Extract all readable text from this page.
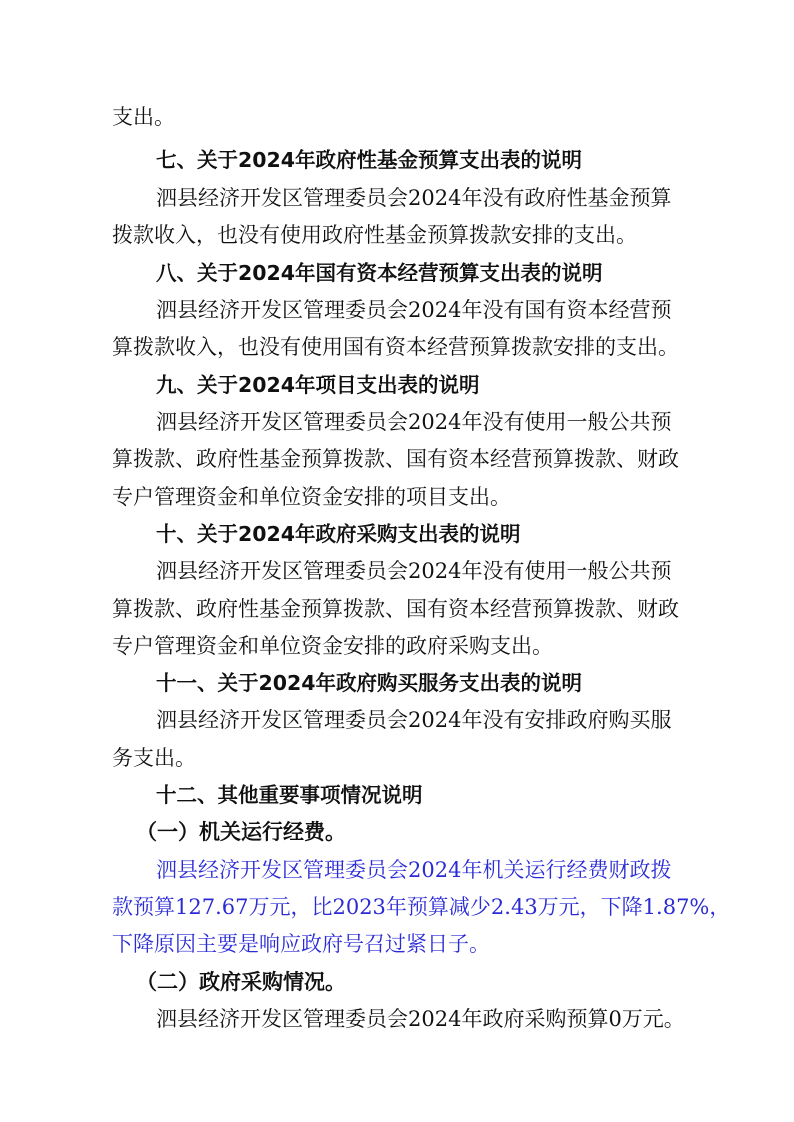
支出。
七、关于2024年政府性基金预算支出表的说明
泗县经济开发区管理委员会2024年没有政府性基金预算
拨款收入，也没有使用政府性基金预算拨款安排的支出。
八、关于2024年国有资本经营预算支出表的说明
泗县经济开发区管理委员会2024年没有国有资本经营预
算拨款收入，也没有使用国有资本经营预算拨款安排的支出。
九、关于2024年项目支出表的说明
泗县经济开发区管理委员会2024年没有使用一般公共预
算拨款、政府性基金预算拨款、国有资本经营预算拨款、财政
专户管理资金和单位资金安排的项目支出。
十、关于2024年政府采购支出表的说明
泗县经济开发区管理委员会2024年没有使用一般公共预
算拨款、政府性基金预算拨款、国有资本经营预算拨款、财政
专户管理资金和单位资金安排的政府采购支出。
十一、关于2024年政府购买服务支出表的说明
泗县经济开发区管理委员会2024年没有安排政府购买服
务支出。
十二、其他重要事项情况说明
（一）机关运行经费。
泗县经济开发区管理委员会2024年机关运行经费财政拨
款预算127.67万元，比2023年预算减少2.43万元，下降1.87%，
下降原因主要是响应政府号召过紧日子。
（二）政府采购情况。
泗县经济开发区管理委员会2024年政府采购预算0万元。
